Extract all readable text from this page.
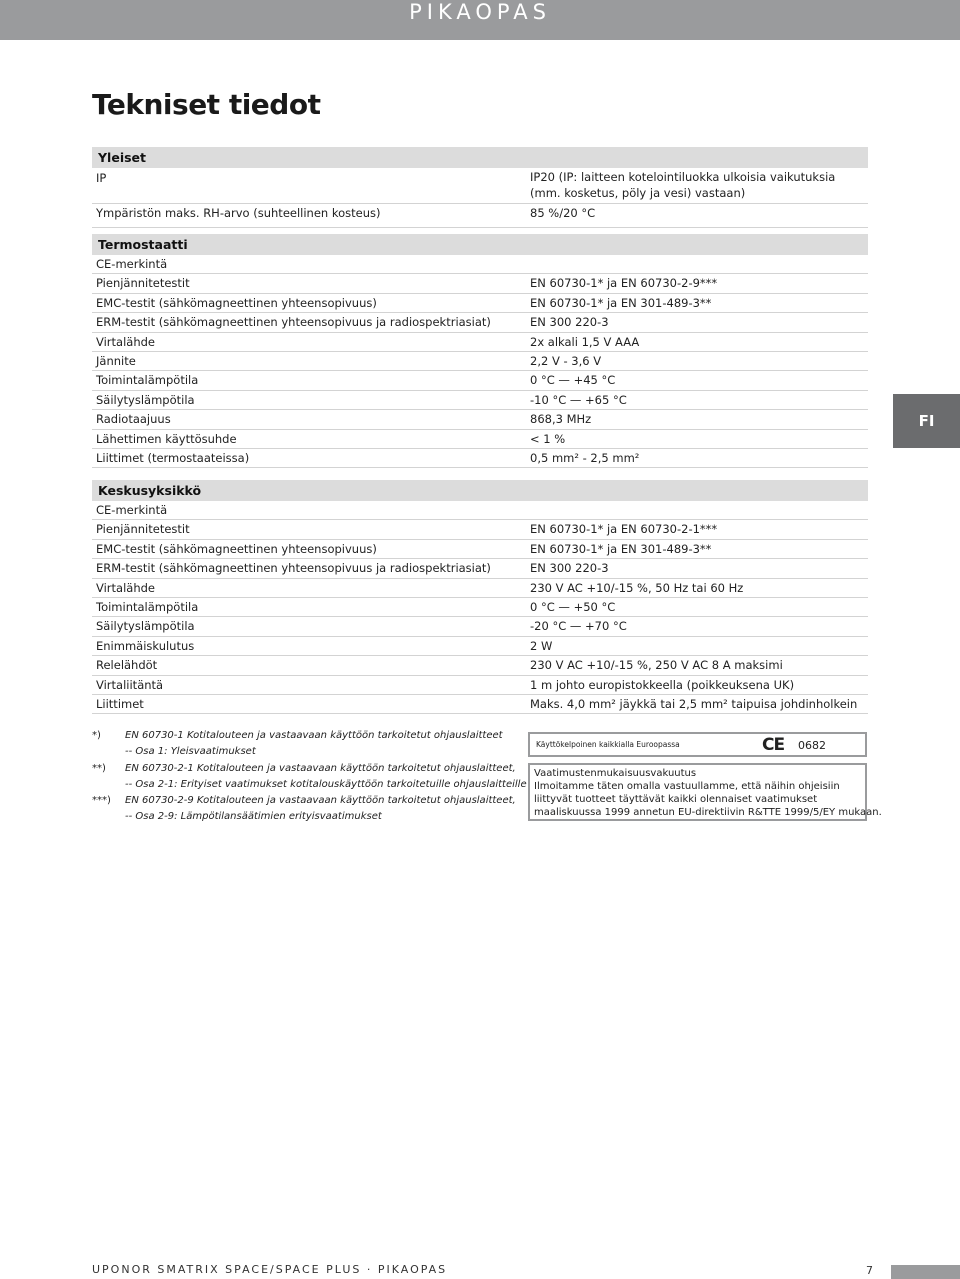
PIKAOPAS
Tekniset tiedot
Yleiset
IP	IP20 (IP: laitteen kotelointiluokka ulkoisia vaikutuksia
(mm. kosketus, pöly ja vesi) vastaan)
Ympäristön maks. RH-arvo (suhteellinen kosteus)	85 %/20 °C
Termostaatti
CE-merkintä
Pienjännitetestit	EN 60730-1* ja EN 60730-2-9***
EMC-testit (sähkömagneettinen yhteensopivuus)	EN 60730-1* ja EN 301-489-3**
ERM-testit (sähkömagneettinen yhteensopivuus ja radiospektriasiat)	EN 300 220-3
Virtalähde	2x alkali 1,5 V AAA
Jännite	2,2 V - 3,6 V
Toimintalämpötila	0 °C — +45 °C
Säilytyslämpötila	-10 °C — +65 °C
Radiotaajuus	868,3 MHz
Lähettimen käyttösuhde	< 1 %
Liittimet (termostaateissa)	0,5 mm² - 2,5 mm²
FI
Keskusyksikkö
CE-merkintä
Pienjännitetestit	EN 60730-1* ja EN 60730-2-1***
EMC-testit (sähkömagneettinen yhteensopivuus)	EN 60730-1* ja EN 301-489-3**
ERM-testit (sähkömagneettinen yhteensopivuus ja radiospektriasiat)	EN 300 220-3
Virtalähde	230 V AC +10/-15 %, 50 Hz tai 60 Hz
Toimintalämpötila	0 °C — +50 °C
Säilytyslämpötila	-20 °C — +70 °C
Enimmäiskulutus	2 W
Relelähdöt	230 V AC +10/-15 %, 250 V AC 8 A maksimi
Virtaliitäntä	1 m johto europistokkeella (poikkeuksena UK)
Liittimet	Maks. 4,0 mm² jäykkä tai 2,5 mm² taipuisa johdinholkein
*) EN 60730-1 Kotitalouteen ja vastaavaan käyttöön tarkoitetut ohjauslaitteet
-- Osa 1: Yleisvaatimukset
**) EN 60730-2-1 Kotitalouteen ja vastaavaan käyttöön tarkoitetut ohjauslaitteet,
-- Osa 2-1: Erityiset vaatimukset kotitalouskäyttöön tarkoitetuille ohjauslaitteille
***) EN 60730-2-9 Kotitalouteen ja vastaavaan käyttöön tarkoitetut ohjauslaitteet,
-- Osa 2-9: Lämpötilansäätimien erityisvaatimukset
Käyttökelpoinen kaikkialla Euroopassa	CE 0682
Vaatimustenmukaisuusvakuutus
Ilmoitamme täten omalla vastuullamme, että näihin ohjeisiin
liittyvät tuotteet täyttävät kaikki olennaiset vaatimukset
maaliskuussa 1999 annetun EU-direktiivin R&TTE 1999/5/EY mukaan.
UPONOR SMATRIX SPACE/SPACE PLUS · PIKAOPAS	7
